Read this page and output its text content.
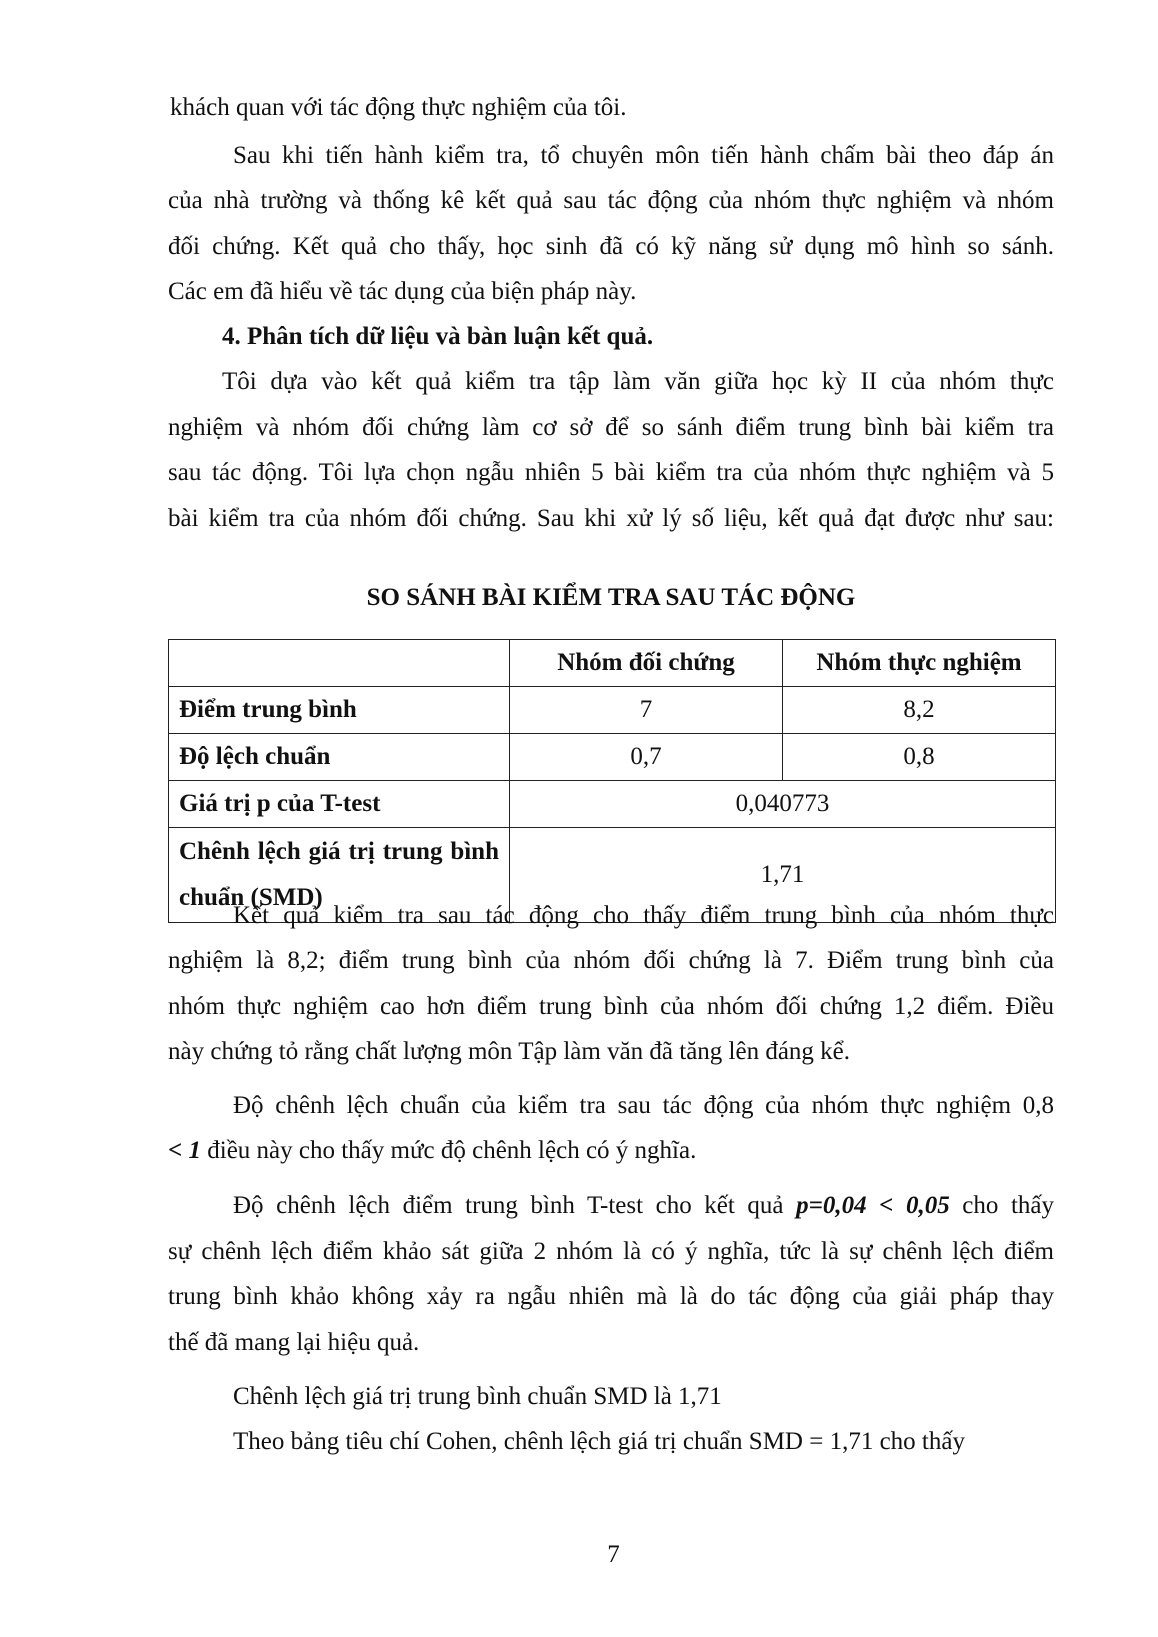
khách quan với tác động thực nghiệm của tôi.
Sau khi tiến hành kiểm tra, tổ chuyên môn tiến hành chấm bài theo đáp án
của nhà trường và thống kê kết quả sau tác động của nhóm thực nghiệm và nhóm
đối chứng. Kết quả cho thấy, học sinh đã có kỹ năng sử dụng mô hình so sánh.
Các em đã hiểu về tác dụng của biện pháp này.
4. Phân tích dữ liệu và bàn luận kết quả.
Tôi dựa vào kết quả kiểm tra tập làm văn giữa học kỳ II của nhóm thực
nghiệm và nhóm đối chứng làm cơ sở để so sánh điểm trung bình bài kiểm tra
sau tác động. Tôi lựa chọn ngẫu nhiên 5 bài kiểm tra của nhóm thực nghiệm và 5
bài kiểm tra của nhóm đối chứng. Sau khi xử lý số liệu, kết quả đạt được như sau:
SO SÁNH BÀI KIỂM TRA SAU TÁC ĐỘNG
	Nhóm đối chứng	Nhóm thực nghiệm
Điểm trung bình	7	8,2
Độ lệch chuẩn	0,7	0,8
Giá trị p của T-test	0,040773	

Chênh lệch giá trị trung bình chuẩn (SMD)	1,71	
Kết quả kiểm tra sau tác động cho thấy điểm trung bình của nhóm thực
nghiệm là 8,2; điểm trung bình của nhóm đối chứng là 7. Điểm trung bình của
nhóm thực nghiệm cao hơn điểm trung bình của nhóm đối chứng 1,2 điểm. Điều
này chứng tỏ rằng chất lượng môn Tập làm văn đã tăng lên đáng kể.
Độ chênh lệch chuẩn của kiểm tra sau tác động của nhóm thực nghiệm 0,8
< 1 điều này cho thấy mức độ chênh lệch có ý nghĩa.
Độ chênh lệch điểm trung bình T-test cho kết quả p=0,04 < 0,05 cho thấy
sự chênh lệch điểm khảo sát giữa 2 nhóm là có ý nghĩa, tức là sự chênh lệch điểm
trung bình khảo không xảy ra ngẫu nhiên mà là do tác động của giải pháp thay
thế đã mang lại hiệu quả.
Chênh lệch giá trị trung bình chuẩn SMD là 1,71
Theo bảng tiêu chí Cohen, chênh lệch giá trị chuẩn SMD = 1,71 cho thấy
7
